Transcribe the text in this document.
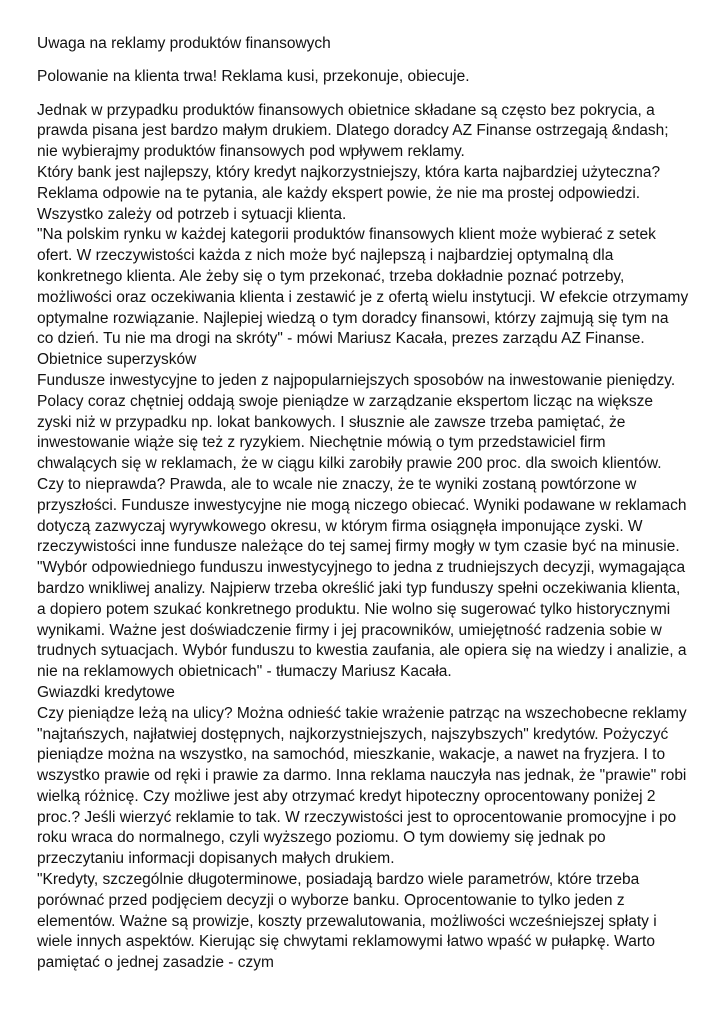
Uwaga na reklamy produktów finansowych

Polowanie na klienta trwa! Reklama kusi, przekonuje, obiecuje.

Jednak w przypadku produktów finansowych obietnice składane są często bez pokrycia, a prawda pisana jest bardzo małym drukiem. Dlatego doradcy AZ Finanse ostrzegają &ndash; nie wybierajmy produktów finansowych pod wpływem reklamy.

Który bank jest najlepszy, który kredyt najkorzystniejszy, która karta najbardziej użyteczna? Reklama odpowie na te pytania, ale każdy ekspert powie, że nie ma prostej odpowiedzi. Wszystko zależy od potrzeb i sytuacji klienta.

"Na polskim rynku w każdej kategorii produktów finansowych klient może wybierać z setek ofert. W rzeczywistości każda z nich może być najlepszą i najbardziej optymalną dla konkretnego klienta. Ale żeby się o tym przekonać, trzeba dokładnie poznać potrzeby, możliwości oraz oczekiwania klienta i zestawić je z ofertą wielu instytucji. W efekcie otrzymamy optymalne rozwiązanie. Najlepiej wiedzą o tym doradcy finansowi, którzy zajmują się tym na co dzień. Tu nie ma drogi na skróty" - mówi Mariusz Kacała, prezes zarządu AZ Finanse.

Obietnice superzysków

Fundusze inwestycyjne to jeden z najpopularniejszych sposobów na inwestowanie pieniędzy. Polacy coraz chętniej oddają swoje pieniądze w zarządzanie ekspertom licząc na większe zyski niż w przypadku np. lokat bankowych. I słusznie ale zawsze trzeba pamiętać, że inwestowanie wiąże się też z ryzykiem. Niechętnie mówią o tym przedstawiciel firm chwalących się w reklamach, że w ciągu kilki zarobiły prawie 200 proc. dla swoich klientów. Czy to nieprawda? Prawda, ale to wcale nie znaczy, że te wyniki zostaną powtórzone w przyszłości. Fundusze inwestycyjne nie mogą niczego obiecać. Wyniki podawane w reklamach dotyczą zazwyczaj wyrywkowego okresu, w którym firma osiągnęła imponujące zyski. W rzeczywistości inne fundusze należące do tej samej firmy mogły w tym czasie być na minusie.

"Wybór odpowiedniego funduszu inwestycyjnego to jedna z trudniejszych decyzji, wymagająca bardzo wnikliwej analizy. Najpierw trzeba określić jaki typ funduszy spełni oczekiwania klienta, a dopiero potem szukać konkretnego produktu. Nie wolno się sugerować tylko historycznymi wynikami. Ważne jest doświadczenie firmy i jej pracowników, umiejętność radzenia sobie w trudnych sytuacjach. Wybór funduszu to kwestia zaufania, ale opiera się na wiedzy i analizie, a nie na reklamowych obietnicach" - tłumaczy Mariusz Kacała.

Gwiazdki kredytowe

Czy pieniądze leżą na ulicy? Można odnieść takie wrażenie patrząc na wszechobecne reklamy "najtańszych, najłatwiej dostępnych, najkorzystniejszych, najszybszych" kredytów. Pożyczyć pieniądze można na wszystko, na samochód, mieszkanie, wakacje, a nawet na fryzjera. I to wszystko prawie od ręki i prawie za darmo. Inna reklama nauczyła nas jednak, że "prawie" robi wielką różnicę. Czy możliwe jest aby otrzymać kredyt hipoteczny oprocentowany poniżej 2 proc.? Jeśli wierzyć reklamie to tak. W rzeczywistości jest to oprocentowanie promocyjne i po roku wraca do normalnego, czyli wyższego poziomu. O tym dowiemy się jednak po przeczytaniu informacji dopisanych małych drukiem.

"Kredyty, szczególnie długoterminowe, posiadają bardzo wiele parametrów, które trzeba porównać przed podjęciem decyzji o wyborze banku. Oprocentowanie to tylko jeden z elementów. Ważne są prowizje, koszty przewalutowania, możliwości wcześniejszej spłaty i wiele innych aspektów. Kierując się chwytami reklamowymi łatwo wpaść w pułapkę. Warto pamiętać o jednej zasadzie - czym
